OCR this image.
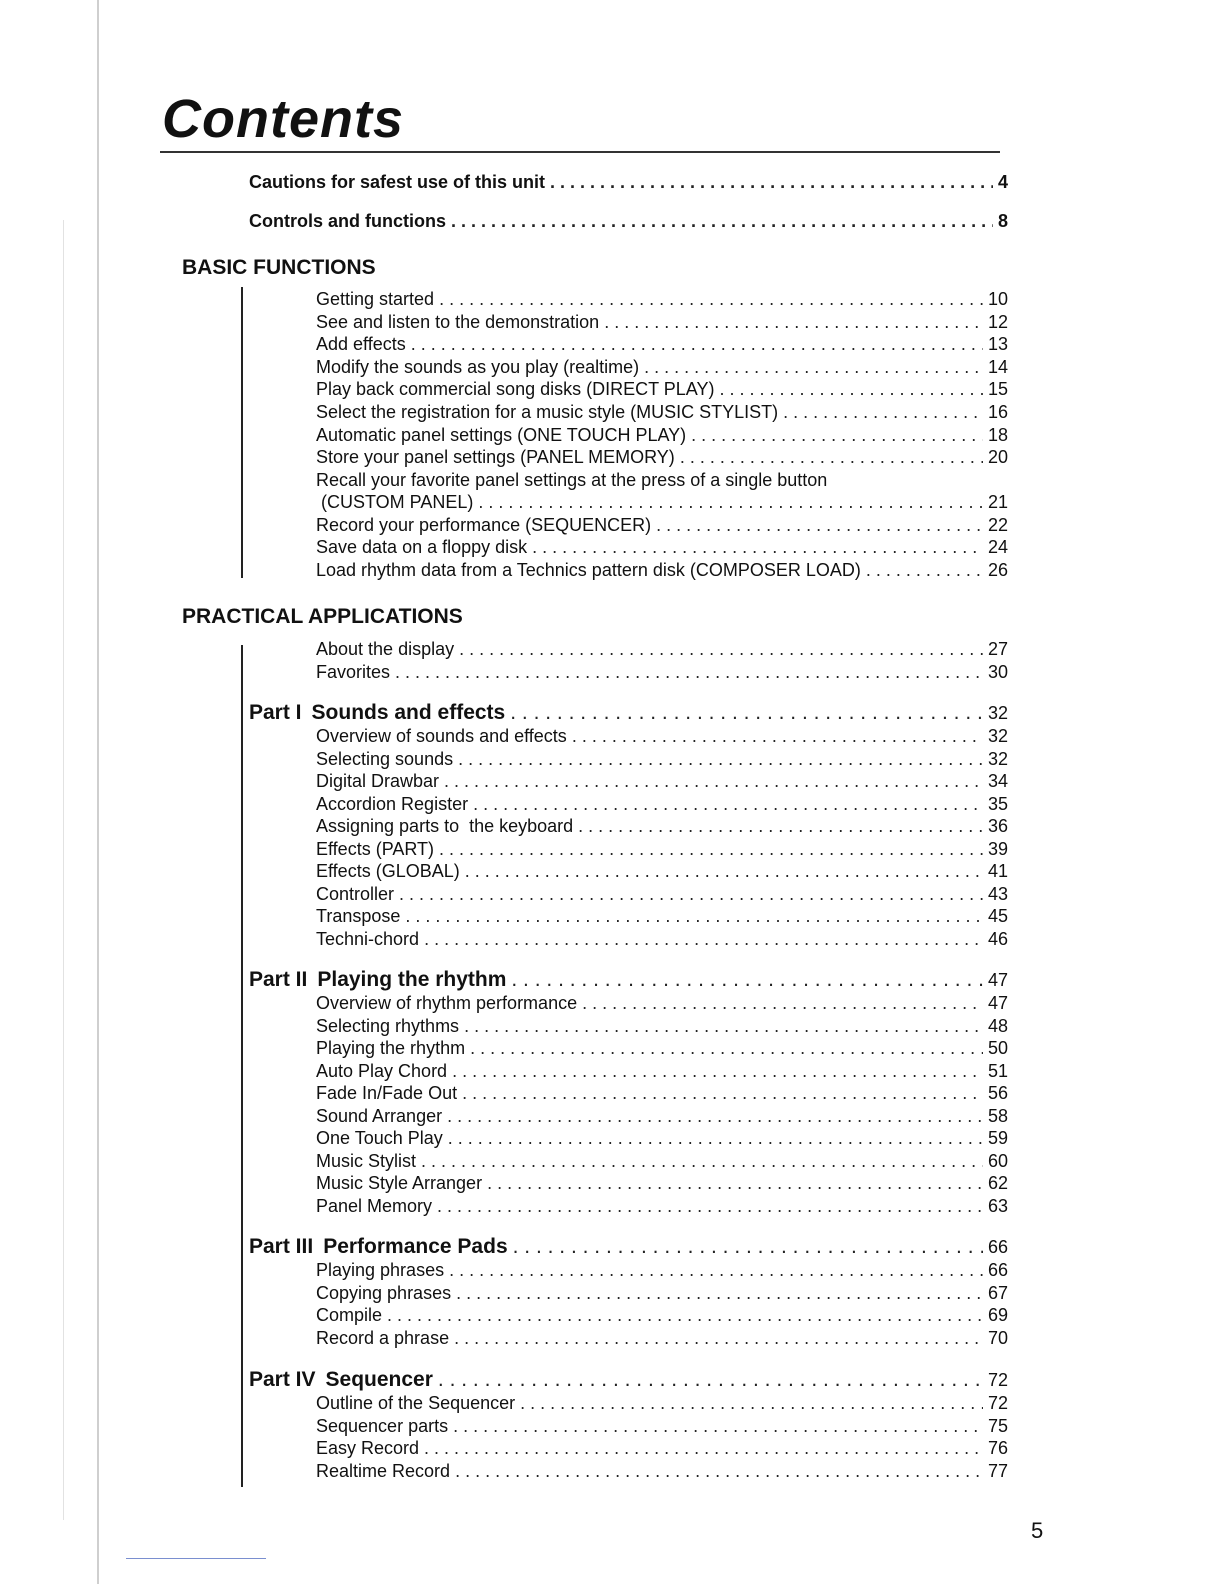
Contents
Cautions for safest use of this unit . . .	4
Controls and functions . . .	8
BASIC FUNCTIONS
Getting started . . .	10
See and listen to the demonstration . . .	12
Add effects . . .	13
Modify the sounds as you play (realtime) . . .	14
Play back commercial song disks (DIRECT PLAY) . . .	15
Select the registration for a music style (MUSIC STYLIST) . . .	16
Automatic panel settings (ONE TOUCH PLAY) . . .	18
Store your panel settings (PANEL MEMORY) . . .	20
Recall your favorite panel settings at the press of a single button
(CUSTOM PANEL) . . .	21
Record your performance (SEQUENCER) . . .	22
Save data on a floppy disk . . .	24
Load rhythm data from a Technics pattern disk (COMPOSER LOAD) . . .	26
PRACTICAL APPLICATIONS
About the display . . .	27
Favorites . . .	30
Part I Sounds and effects . . .	32
Overview of sounds and effects . . .	32
Selecting sounds . . .	32
Digital Drawbar . . .	34
Accordion Register . . .	35
Assigning parts to  the keyboard . . .	36
Effects (PART) . . .	39
Effects (GLOBAL) . . .	41
Controller . . .	43
Transpose . . .	45
Techni-chord . . .	46
Part II Playing the rhythm . . .	47
Overview of rhythm performance . . .	47
Selecting rhythms . . .	48
Playing the rhythm . . .	50
Auto Play Chord . . .	51
Fade In/Fade Out . . .	56
Sound Arranger . . .	58
One Touch Play . . .	59
Music Stylist . . .	60
Music Style Arranger . . .	62
Panel Memory . . .	63
Part III Performance Pads . . .	66
Playing phrases . . .	66
Copying phrases . . .	67
Compile . . .	69
Record a phrase . . .	70
Part IV Sequencer . . .	72
Outline of the Sequencer . . .	72
Sequencer parts . . .	75
Easy Record . . .	76
Realtime Record . . .	77
5
